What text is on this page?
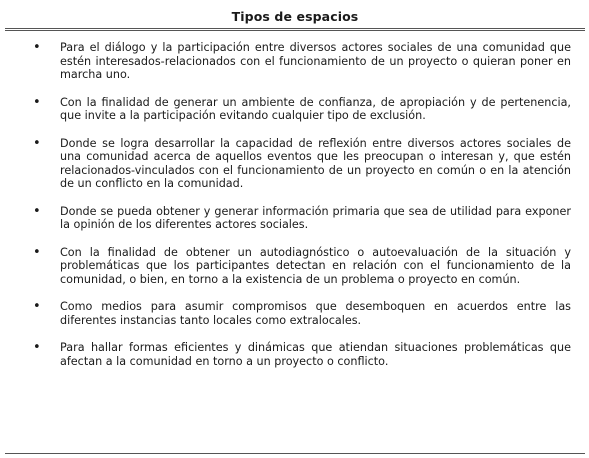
Tipos de espacios
• Para el diálogo y la participación entre diversos actores sociales de una comunidad que estén interesados-relacionados con el funcionamiento de un proyecto o quieran poner en marcha uno.
• Con la finalidad de generar un ambiente de confianza, de apropiación y de pertenencia, que invite a la participación evitando cualquier tipo de exclusión.
• Donde se logra desarrollar la capacidad de reflexión entre diversos actores sociales de una comunidad acerca de aquellos eventos que les preocupan o interesan y, que estén relacionados-vinculados con el funcionamiento de un proyecto en común o en la atención de un conflicto en la comunidad.
• Donde se pueda obtener y generar información primaria que sea de utilidad para exponer la opinión de los diferentes actores sociales.
• Con la finalidad de obtener un autodiagnóstico o autoevaluación de la situación y problemáticas que los participantes detectan en relación con el funcionamiento de la comunidad, o bien, en torno a la existencia de un problema o proyecto en común.
• Como medios para asumir compromisos que desemboquen en acuerdos entre las diferentes instancias tanto locales como extralocales.
• Para hallar formas eficientes y dinámicas que atiendan situaciones problemáticas que afectan a la comunidad en torno a un proyecto o conflicto.
